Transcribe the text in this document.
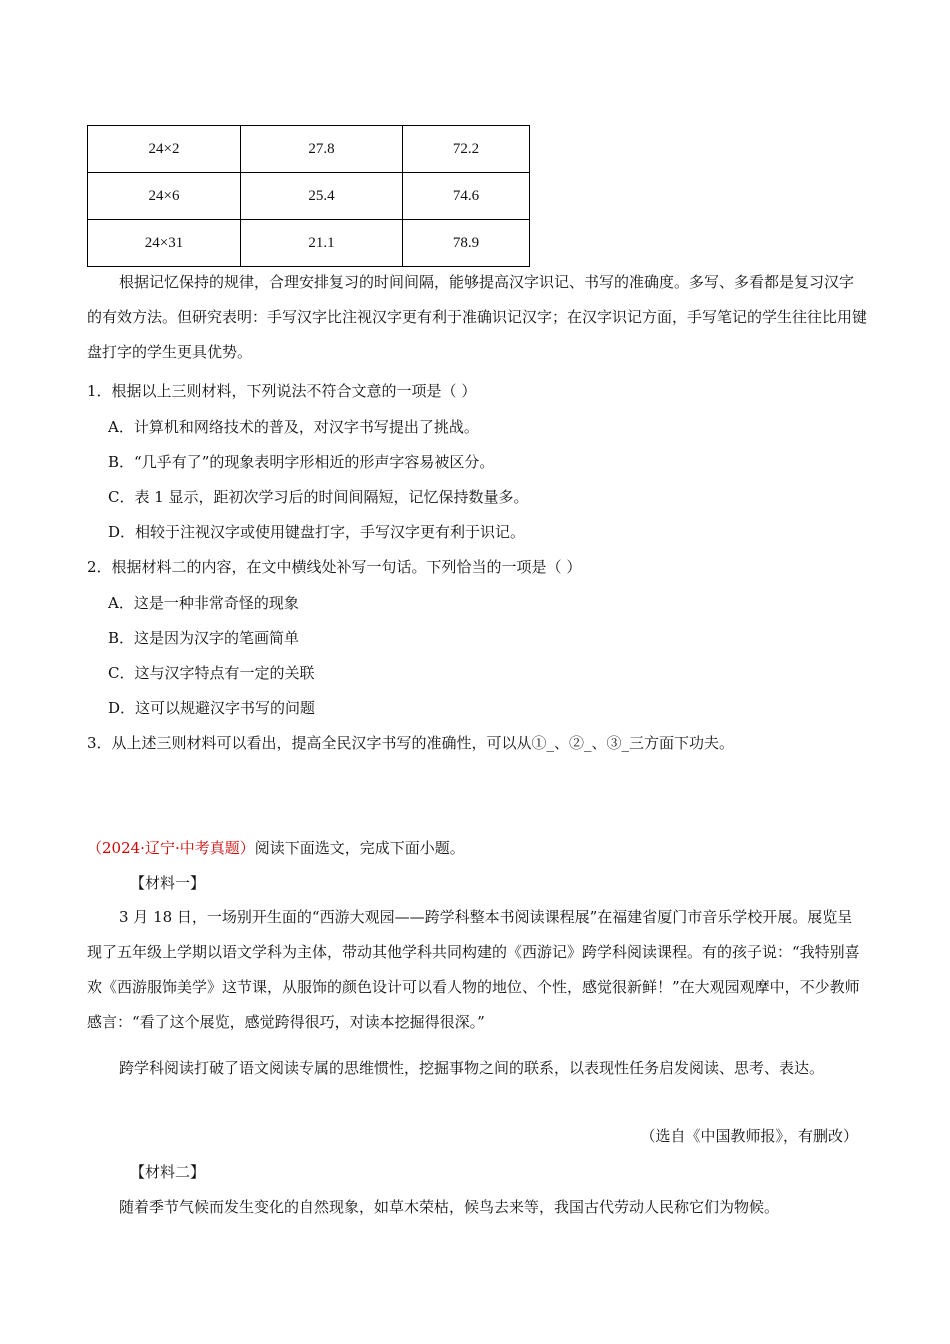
24×2	27.8	72.2
24×6	25.4	74.6
24×31	21.1	78.9
根据记忆保持的规律，合理安排复习的时间间隔，能够提高汉字识记、书写的准确度。多写、多看都是复习汉字的有效方法。但研究表明：手写汉字比注视汉字更有利于准确识记汉字；在汉字识记方面，手写笔记的学生往往比用键盘打字的学生更具优势。
1．根据以上三则材料，下列说法不符合文意的一项是（ ）
A．计算机和网络技术的普及，对汉字书写提出了挑战。
B．“几乎有了”的现象表明字形相近的形声字容易被区分。
C．表 1 显示，距初次学习后的时间间隔短，记忆保持数量多。
D．相较于注视汉字或使用键盘打字，手写汉字更有利于识记。
2．根据材料二的内容，在文中横线处补写一句话。下列恰当的一项是（ ）
A．这是一种非常奇怪的现象
B．这是因为汉字的笔画简单
C．这与汉字特点有一定的关联
D．这可以规避汉字书写的问题
3．从上述三则材料可以看出，提高全民汉字书写的准确性，可以从①_、②_、③_三方面下功夫。
（2024·辽宁·中考真题）阅读下面选文，完成下面小题。
【材料一】
3 月 18 日，一场别开生面的“西游大观园——跨学科整本书阅读课程展”在福建省厦门市音乐学校开展。展览呈现了五年级上学期以语文学科为主体，带动其他学科共同构建的《西游记》跨学科阅读课程。有的孩子说：“我特别喜欢《西游服饰美学》这节课，从服饰的颜色设计可以看人物的地位、个性，感觉很新鲜！”在大观园观摩中，不少教师感言：“看了这个展览，感觉跨得很巧，对读本挖掘得很深。”
跨学科阅读打破了语文阅读专属的思维惯性，挖掘事物之间的联系，以表现性任务启发阅读、思考、表达。
（选自《中国教师报》，有删改）
【材料二】
随着季节气候而发生变化的自然现象，如草木荣枯，候鸟去来等，我国古代劳动人民称它们为物候。
